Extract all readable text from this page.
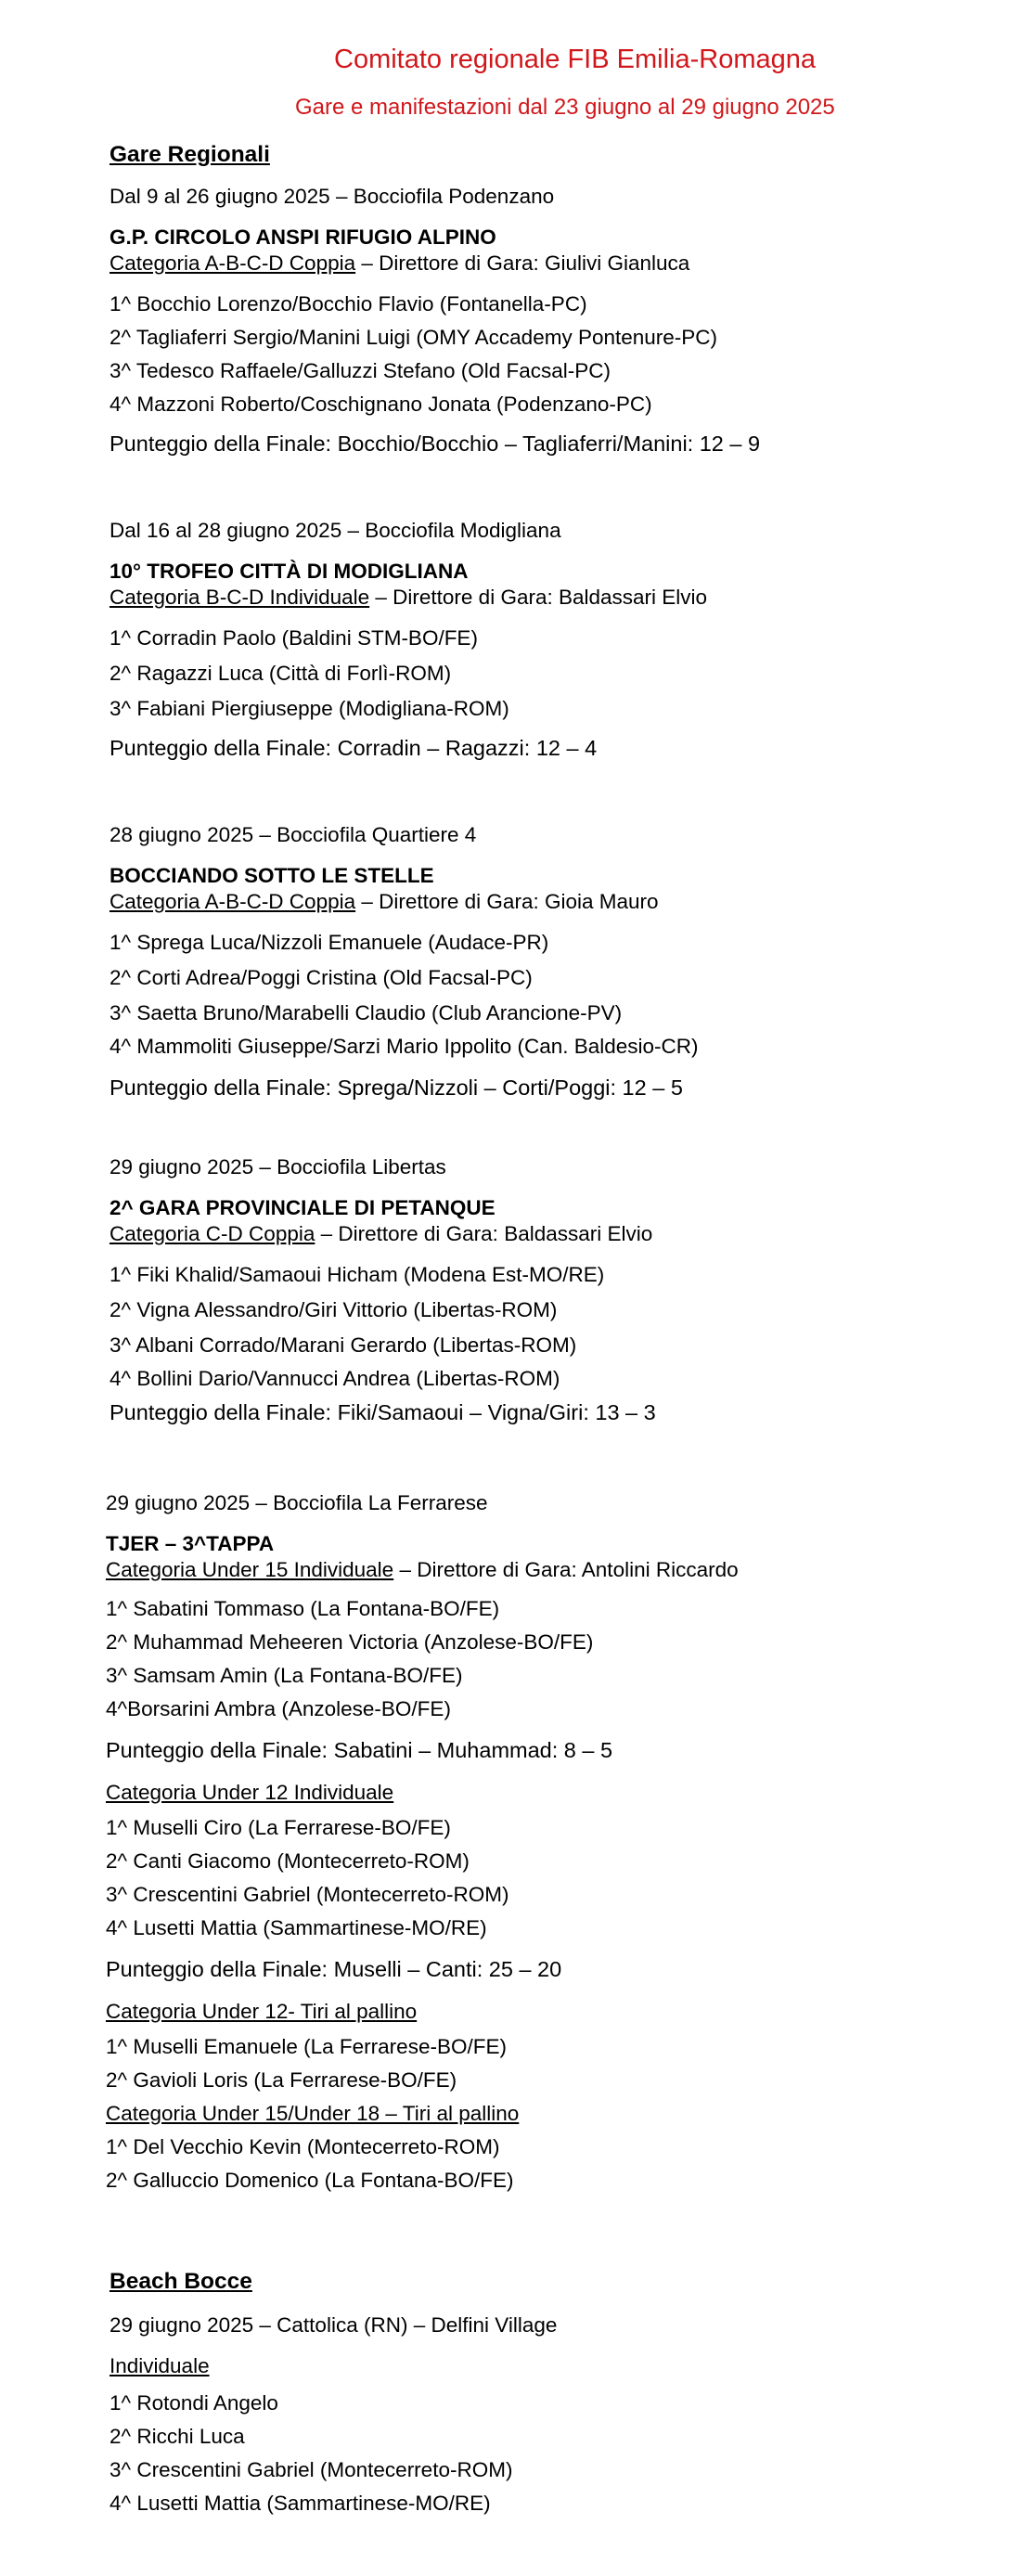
Comitato regionale FIB Emilia-Romagna
Gare e manifestazioni dal 23 giugno al 29 giugno 2025

Gare Regionali

Dal 9 al 26 giugno 2025 – Bocciofila Podenzano

G.P. CIRCOLO ANSPI RIFUGIO ALPINO

Categoria A-B-C-D Coppia – Direttore di Gara: Giulivi Gianluca

1^ Bocchio Lorenzo/Bocchio Flavio (Fontanella-PC)

2^ Tagliaferri Sergio/Manini Luigi (OMY Accademy Pontenure-PC)

3^ Tedesco Raffaele/Galluzzi Stefano (Old Facsal-PC)

4^ Mazzoni Roberto/Coschignano Jonata (Podenzano-PC)

Punteggio della Finale: Bocchio/Bocchio – Tagliaferri/Manini: 12 – 9

Dal 16 al 28 giugno 2025 – Bocciofila Modigliana

10° TROFEO CITTÀ DI MODIGLIANA

Categoria B-C-D Individuale – Direttore di Gara: Baldassari Elvio

1^ Corradin Paolo (Baldini STM-BO/FE)

2^ Ragazzi Luca (Città di Forlì-ROM)

3^ Fabiani Piergiuseppe (Modigliana-ROM)

Punteggio della Finale: Corradin – Ragazzi: 12 – 4

28 giugno 2025 – Bocciofila Quartiere 4

BOCCIANDO SOTTO LE STELLE

Categoria A-B-C-D Coppia – Direttore di Gara: Gioia Mauro

1^ Sprega Luca/Nizzoli Emanuele (Audace-PR)

2^ Corti Adrea/Poggi Cristina (Old Facsal-PC)

3^ Saetta Bruno/Marabelli Claudio (Club Arancione-PV)

4^ Mammoliti Giuseppe/Sarzi Mario Ippolito (Can. Baldesio-CR)

Punteggio della Finale: Sprega/Nizzoli – Corti/Poggi: 12 – 5

29 giugno 2025 – Bocciofila Libertas

2^ GARA PROVINCIALE DI PETANQUE

Categoria C-D Coppia – Direttore di Gara: Baldassari Elvio

1^ Fiki Khalid/Samaoui Hicham (Modena Est-MO/RE)

2^ Vigna Alessandro/Giri Vittorio (Libertas-ROM)

3^ Albani Corrado/Marani Gerardo (Libertas-ROM)

4^ Bollini Dario/Vannucci Andrea (Libertas-ROM)

Punteggio della Finale: Fiki/Samaoui – Vigna/Giri: 13 – 3

29 giugno 2025 – Bocciofila La Ferrarese

TJER – 3^TAPPA

Categoria Under 15 Individuale – Direttore di Gara: Antolini Riccardo

1^ Sabatini Tommaso (La Fontana-BO/FE)

2^ Muhammad Meheeren Victoria (Anzolese-BO/FE)

3^ Samsam Amin (La Fontana-BO/FE)

4^Borsarini Ambra (Anzolese-BO/FE)

Punteggio della Finale: Sabatini – Muhammad: 8 – 5

Categoria Under 12 Individuale

1^ Muselli Ciro (La Ferrarese-BO/FE)

2^ Canti Giacomo (Montecerreto-ROM)

3^ Crescentini Gabriel (Montecerreto-ROM)

4^ Lusetti Mattia (Sammartinese-MO/RE)

Punteggio della Finale: Muselli – Canti: 25 – 20

Categoria Under 12- Tiri al pallino

1^ Muselli Emanuele (La Ferrarese-BO/FE)

2^ Gavioli Loris (La Ferrarese-BO/FE)

Categoria Under 15/Under 18 – Tiri al pallino

1^ Del Vecchio Kevin (Montecerreto-ROM)

2^ Galluccio Domenico (La Fontana-BO/FE)

Beach Bocce

29 giugno 2025 – Cattolica (RN) – Delfini Village

Individuale

1^ Rotondi Angelo

2^ Ricchi Luca

3^ Crescentini Gabriel (Montecerreto-ROM)

4^ Lusetti Mattia (Sammartinese-MO/RE)
